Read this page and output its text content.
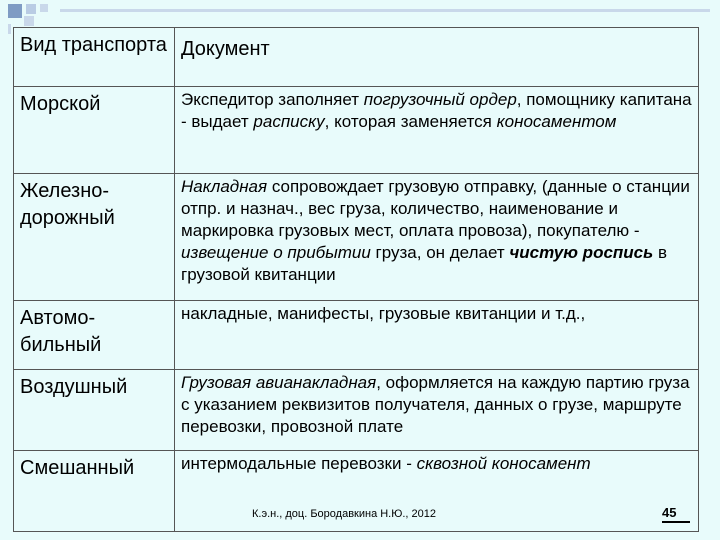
Вид транспорта	Документ
Морской	Экспедитор заполняет погрузочный ордер, помощнику капитана - выдает расписку, которая заменяется коносаментом
Железно-дорожный	Накладная сопровождает грузовую отправку, (данные о станции отпр. и назнач., вес груза, количество, наименование и маркировка грузовых мест, оплата провоза), покупателю - извещение о прибытии груза, он делает чистую роспись в грузовой квитанции
Автомо-бильный	накладные, манифесты, грузовые квитанции и т.д.,
Воздушный	Грузовая авианакладная, оформляется на каждую партию груза с указанием реквизитов получателя, данных о грузе, маршруте перевозки, провозной плате
Смешанный	интермодальные перевозки - сквозной коносамент
К.э.н., доц. Бородавкина Н.Ю., 2012	45
